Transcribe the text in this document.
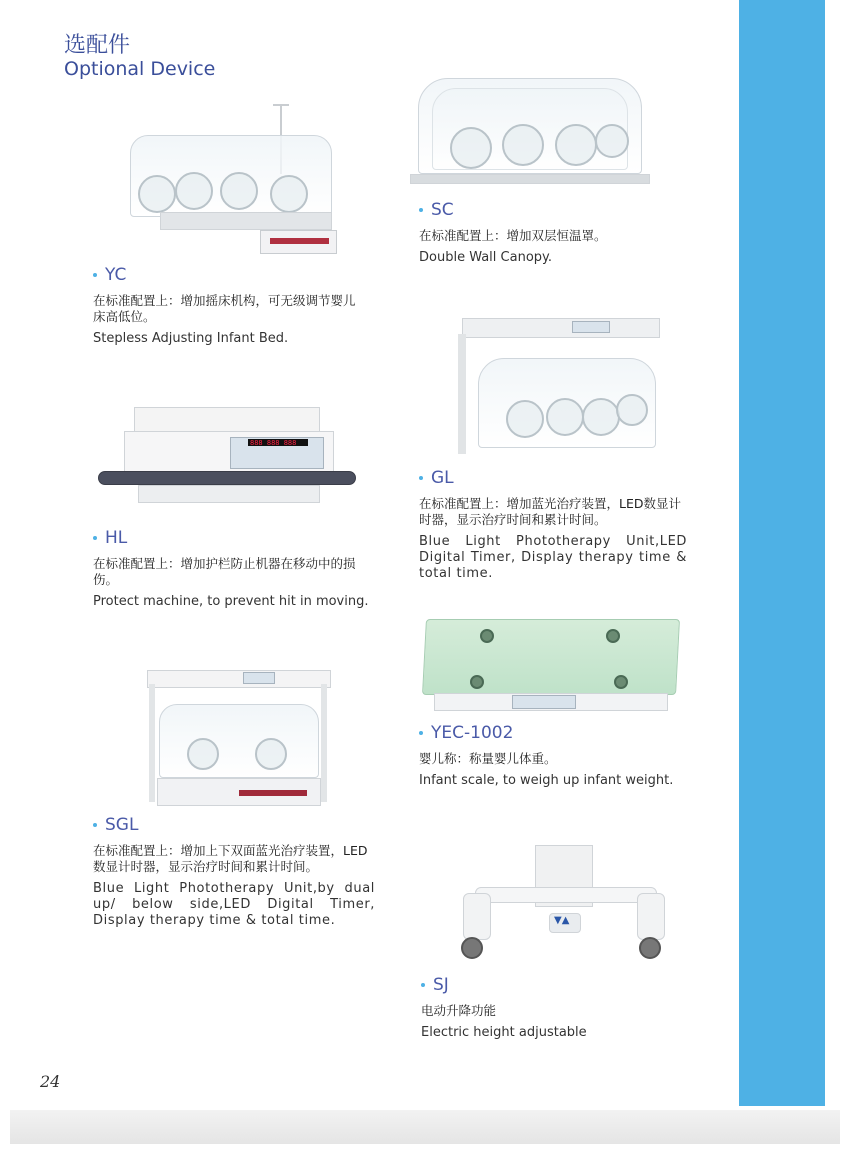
选配件
Optional Device
YC
在标准配置上：增加摇床机构，可无级调节婴儿床高低位。
Stepless Adjusting Infant Bed.
SC
在标准配置上：增加双层恒温罩。
Double Wall Canopy.
888 888 888
HL
在标准配置上：增加护栏防止机器在移动中的损伤。
Protect machine, to prevent hit in moving.
GL
在标准配置上：增加蓝光治疗装置，LED数显计时器，显示治疗时间和累计时间。
Blue Light Phototherapy Unit,LED Digital Timer, Display therapy time & total time.
YEC-1002
婴儿称：称量婴儿体重。
Infant scale, to weigh up infant weight.
SGL
在标准配置上：增加上下双面蓝光治疗装置，LED数显计时器，显示治疗时间和累计时间。
Blue Light Phototherapy Unit,by dual up/ below side,LED Digital Timer, Display therapy time & total time.	▼▲
SJ
电动升降功能
Electric height adjustable
24
